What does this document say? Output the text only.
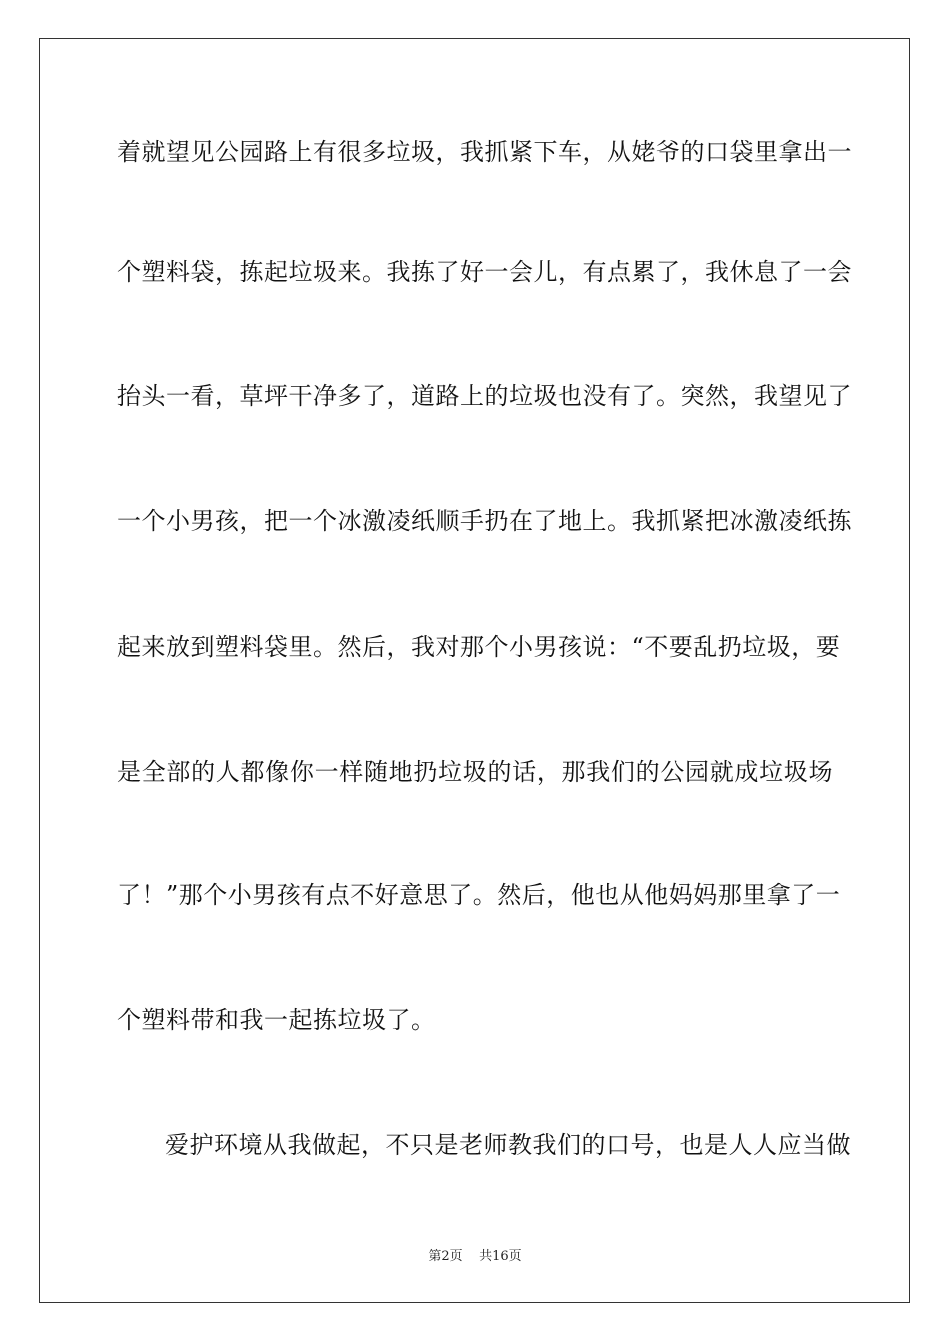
着就望见公园路上有很多垃圾，我抓紧下车，从姥爷的口袋里拿出一
个塑料袋，拣起垃圾来。我拣了好一会儿，有点累了，我休息了一会
抬头一看，草坪干净多了，道路上的垃圾也没有了。突然，我望见了
一个小男孩，把一个冰激凌纸顺手扔在了地上。我抓紧把冰激凌纸拣
起来放到塑料袋里。然后，我对那个小男孩说：“不要乱扔垃圾，要
是全部的人都像你一样随地扔垃圾的话，那我们的公园就成垃圾场
了！”那个小男孩有点不好意思了。然后，他也从他妈妈那里拿了一
个塑料带和我一起拣垃圾了。
爱护环境从我做起，不只是老师教我们的口号，也是人人应当做
第2页    共16页
